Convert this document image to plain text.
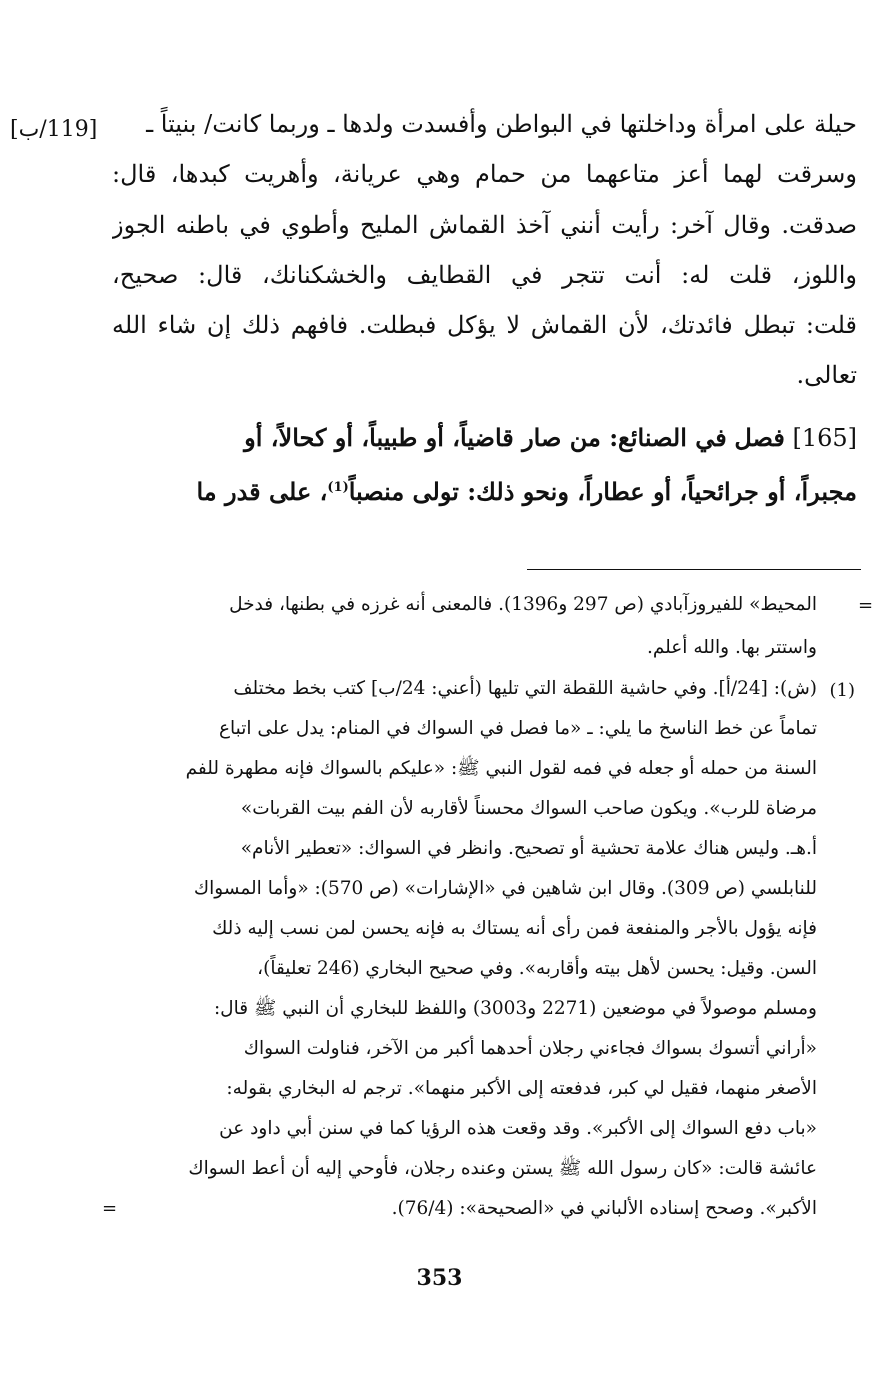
[119/ب]	حيلة على امرأة وداخلتها في البواطن وأفسدت ولدها ـ وربما كانت/ بنيتاً ـ
وسرقت لهما أعز متاعهما من حمام وهي عريانة، وأهريت كبدها، قال:
صدقت. وقال آخر: رأيت أنني آخذ القماش المليح وأطوي في باطنه الجوز
واللوز، قلت له: أنت تتجر في القطايف والخشكنانك، قال: صحيح،
قلت: تبطل فائدتك، لأن القماش لا يؤكل فبطلت. فافهم ذلك إن شاء الله
تعالى.
[165] فصل في الصنائع: من صار قاضياً، أو طبيباً، أو كحالاً، أو
مجبراً، أو جرائحياً، أو عطاراً، ونحو ذلك: تولى منصباً$^{(1)}$، على قدر ما
=
المحيط» للفيروزآبادي (ص 297 و1396). فالمعنى أنه غرزه في بطنها، فدخل
واستتر بها. والله أعلم.
(1)
(ش): [24/أ]. وفي حاشية اللقطة التي تليها (أعني: 24/ب] كتب بخط مختلف
تماماً عن خط الناسخ ما يلي: ـ «ما فصل في السواك في المنام: يدل على اتباع
السنة من حمله أو جعله في فمه لقول النبي ﷺ: «عليكم بالسواك فإنه مطهرة للفم
مرضاة للرب». ويكون صاحب السواك محسناً لأقاربه لأن الفم بيت القربات»
أ.هـ. وليس هناك علامة تحشية أو تصحيح. وانظر في السواك: «تعطير الأنام»
للنابلسي (ص 309). وقال ابن شاهين في «الإشارات» (ص 570): «وأما المسواك
فإنه يؤول بالأجر والمنفعة فمن رأى أنه يستاك به فإنه يحسن لمن نسب إليه ذلك
السن. وقيل: يحسن لأهل بيته وأقاربه». وفي صحيح البخاري (246 تعليقاً)،
ومسلم موصولاً في موضعين (2271 و3003) واللفظ للبخاري أن النبي ﷺ قال:
«أراني أتسوك بسواك فجاءني رجلان أحدهما أكبر من الآخر، فناولت السواك
الأصغر منهما، فقيل لي كبر، فدفعته إلى الأكبر منهما». ترجم له البخاري بقوله:
«باب دفع السواك إلى الأكبر». وقد وقعت هذه الرؤيا كما في سنن أبي داود عن
عائشة قالت: «كان رسول الله ﷺ يستن وعنده رجلان، فأوحي إليه أن أعط السواك
الأكبر». وصحح إسناده الألباني في «الصحيحة»: (76/4).
=
353
